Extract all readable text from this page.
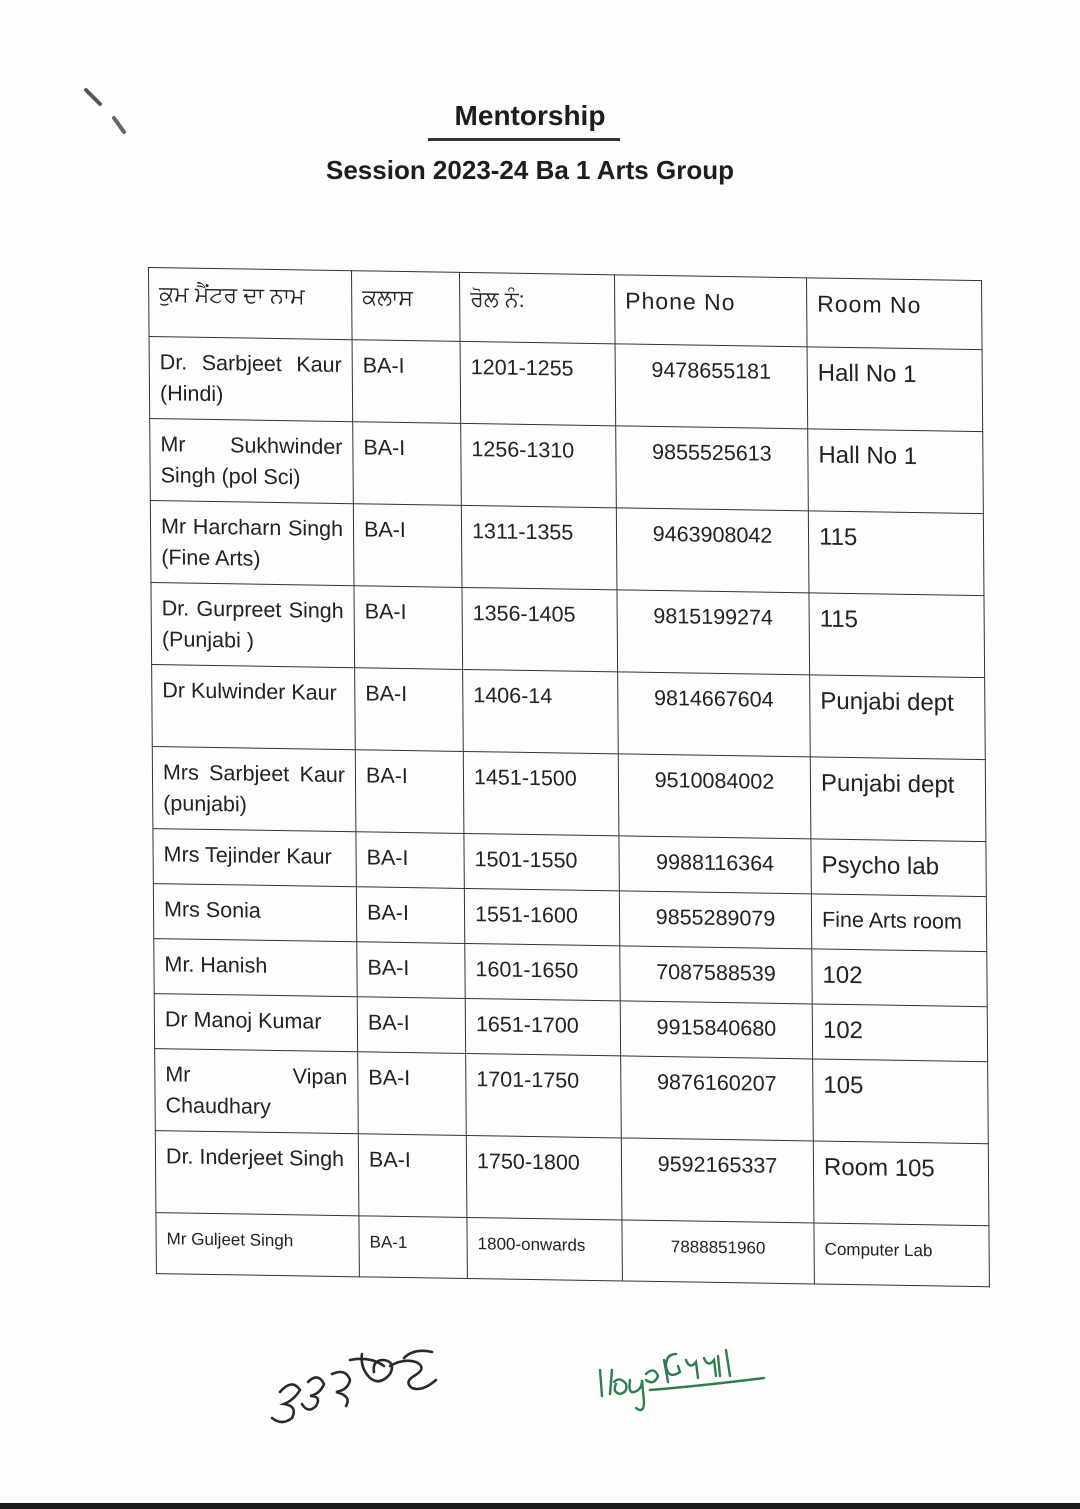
Mentorship
Session 2023-24 Ba 1 Arts Group
ਕੁਮ ਮੈਂਟਰ ਦਾ ਨਾਮ	ਕਲਾਸ	ਰੋਲ ਨੰ:	Phone No	Room No
Dr. Sarbjeet Kaur (Hindi)	BA-I	1201-1255	9478655181	Hall No 1
Mr Sukhwinder Singh (pol Sci)	BA-I	1256-1310	9855525613	Hall No 1
Mr Harcharn Singh (Fine Arts)	BA-I	1311-1355	9463908042	115
Dr. Gurpreet Singh (Punjabi )	BA-I	1356-1405	9815199274	115
Dr Kulwinder Kaur	BA-I	1406-14	9814667604	Punjabi dept
Mrs Sarbjeet Kaur (punjabi)	BA-I	1451-1500	9510084002	Punjabi dept
Mrs Tejinder Kaur	BA-I	1501-1550	9988116364	Psycho lab
Mrs Sonia	BA-I	1551-1600	9855289079	Fine Arts room
Mr. Hanish	BA-I	1601-1650	7087588539	102
Dr Manoj Kumar	BA-I	1651-1700	9915840680	102
Mr Vipan Chaudhary	BA-I	1701-1750	9876160207	105
Dr. Inderjeet Singh	BA-I	1750-1800	9592165337	Room 105
Mr Guljeet Singh	BA-1	1800-onwards	7888851960	Computer Lab
